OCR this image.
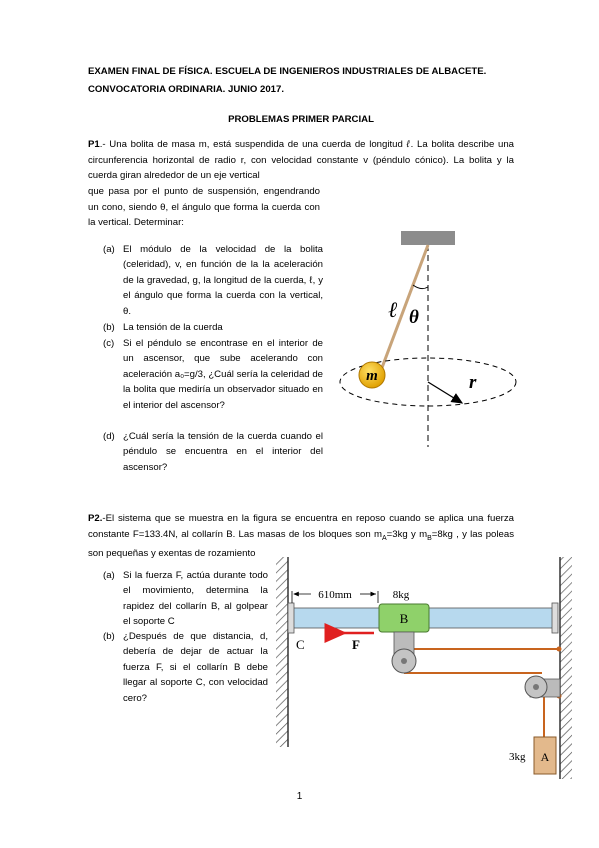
EXAMEN FINAL DE FÍSICA. ESCUELA DE INGENIEROS INDUSTRIALES DE ALBACETE.
CONVOCATORIA ORDINARIA. JUNIO 2017.
PROBLEMAS PRIMER PARCIAL
P1.- Una bolita de masa m, está suspendida de una cuerda de longitud ℓ. La bolita describe una circunferencia horizontal de radio r, con velocidad constante v (péndulo cónico). La bolita y la cuerda giran alrededor de un eje vertical
que pasa por el punto de suspensión, engendrando un cono, siendo θ, el ángulo que forma la cuerda con la vertical. Determinar:
(a) El módulo de la velocidad de la bolita (celeridad), v, en función de la la aceleración de la gravedad, g, la longitud de la cuerda, ℓ, y el ángulo que forma la cuerda con la vertical, θ.
(b) La tensión de la cuerda
(c) Si el péndulo se encontrase en el interior de un ascensor, que sube acelerando con aceleración a₀=g/3, ¿Cuál sería la celeridad de la bolita que mediría un observador situado en el interior del ascensor?
(d) ¿Cuál sería la tensión de la cuerda cuando el péndulo se encuentra en el interior del ascensor?
m
ℓ θ
r
P2.-El sistema que se muestra en la figura se encuentra en reposo cuando se aplica una fuerza constante F=133.4N, al collarín B. Las masas de los bloques son $m_A=3kg$ y $m_B=8kg$ , y las poleas son pequeñas y exentas de rozamiento
(a) Si la fuerza F, actúa durante todo el movimiento, determina la rapidez del collarín B, al golpear el soporte C
(b) ¿Después de que distancia, d, debería de dejar de actuar la fuerza F, si el collarín B debe llegar al soporte C, con velocidad cero?
610mm	8kg
B
F
C
A
3kg
1
